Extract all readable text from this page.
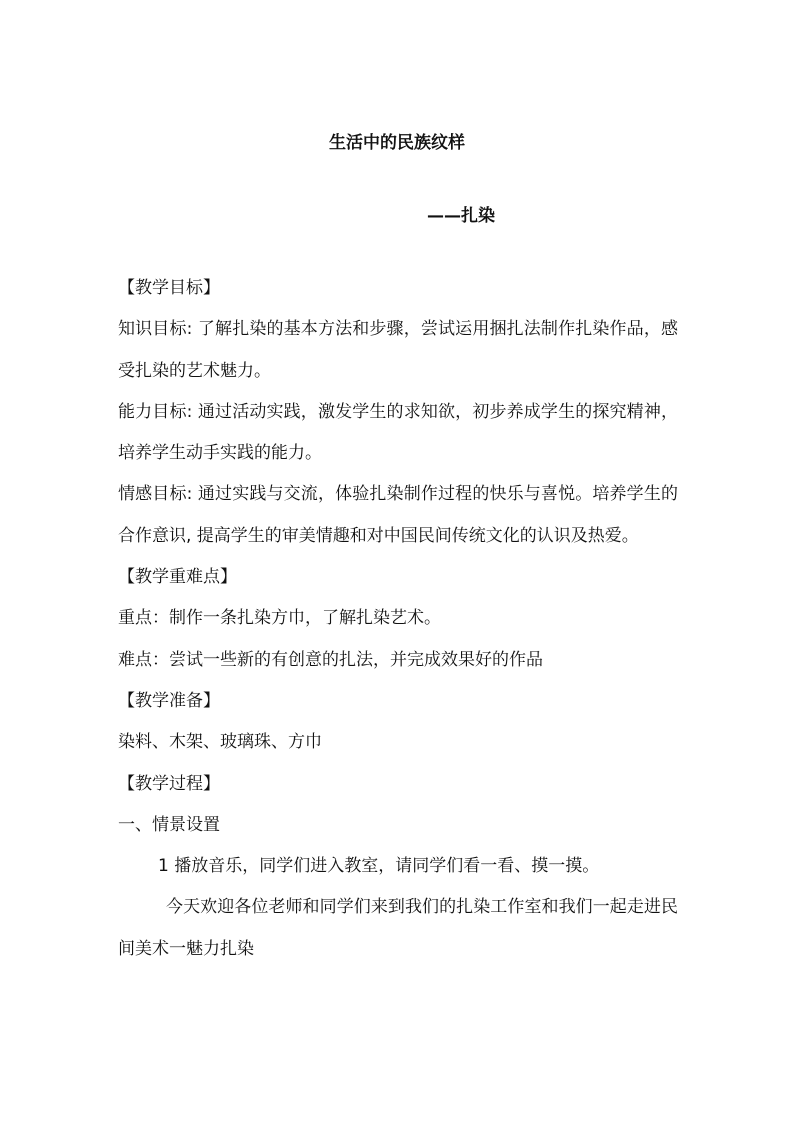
生活中的民族纹样
——扎染

【教学目标】

知识目标: 了解扎染的基本方法和步骤，尝试运用捆扎法制作扎染作品，感受扎染的艺术魅力。

能力目标: 通过活动实践，激发学生的求知欲，初步养成学生的探究精神，培养学生动手实践的能力。

情感目标: 通过实践与交流，体验扎染制作过程的快乐与喜悦。培养学生的合作意识, 提高学生的审美情趣和对中国民间传统文化的认识及热爱。

【教学重难点】

重点：制作一条扎染方巾，了解扎染艺术。

难点：尝试一些新的有创意的扎法，并完成效果好的作品

【教学准备】

染料、木架、玻璃珠、方巾

【教学过程】

一、情景设置

1 播放音乐，同学们进入教室，请同学们看一看、摸一摸。

今天欢迎各位老师和同学们来到我们的扎染工作室和我们一起走进民间美术一魅力扎染
